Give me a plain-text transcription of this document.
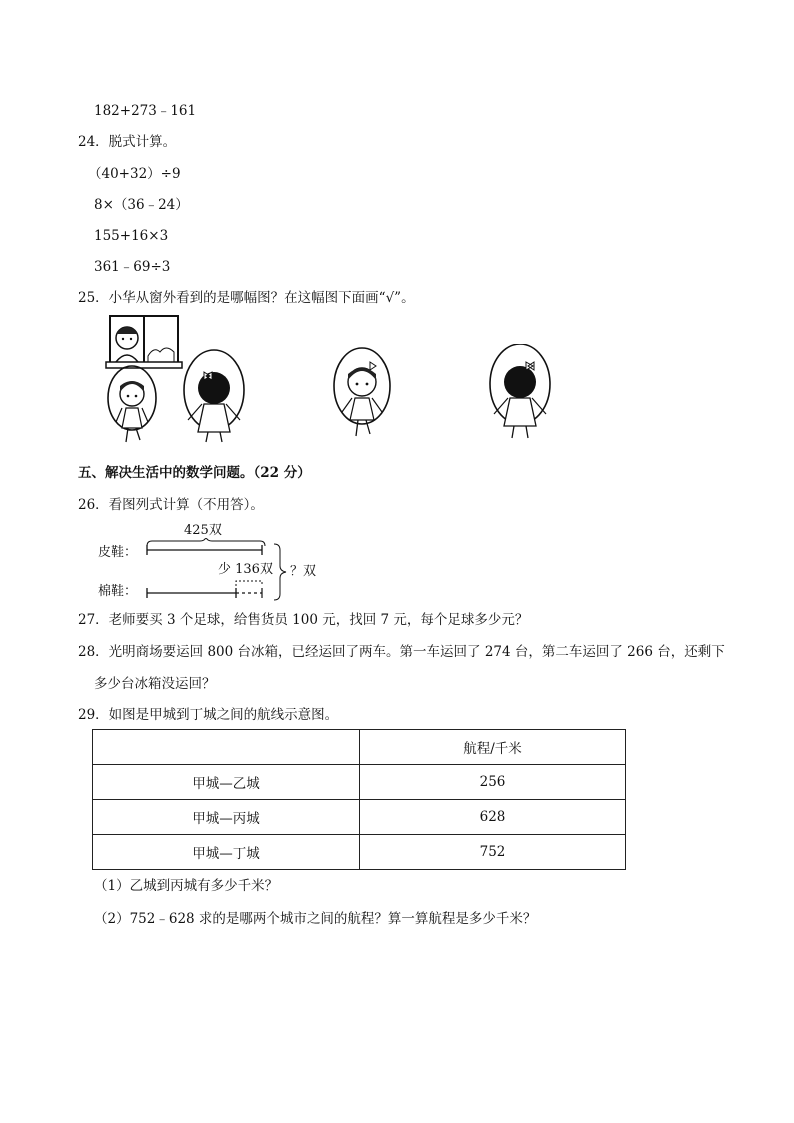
182+273﹣161
24．脱式计算。
（40+32）÷9
8×（36﹣24）
155+16×3
361﹣69÷3
25．小华从窗外看到的是哪幅图？在这幅图下面画“√”。
五、解决生活中的数学问题。（22 分）
26．看图列式计算（不用答）。
425双
皮鞋：
少 136双
棉鞋：
？双
27．老师要买 3 个足球，给售货员 100 元，找回 7 元，每个足球多少元？
28．光明商场要运回 800 台冰箱，已经运回了两车。第一车运回了 274 台，第二车运回了 266 台，还剩下
多少台冰箱没运回？
29．如图是甲城到丁城之间的航线示意图。
	航程/千米
甲城—乙城	256
甲城—丙城	628
甲城—丁城	752
（1）乙城到丙城有多少千米？
（2）752﹣628 求的是哪两个城市之间的航程？算一算航程是多少千米？
